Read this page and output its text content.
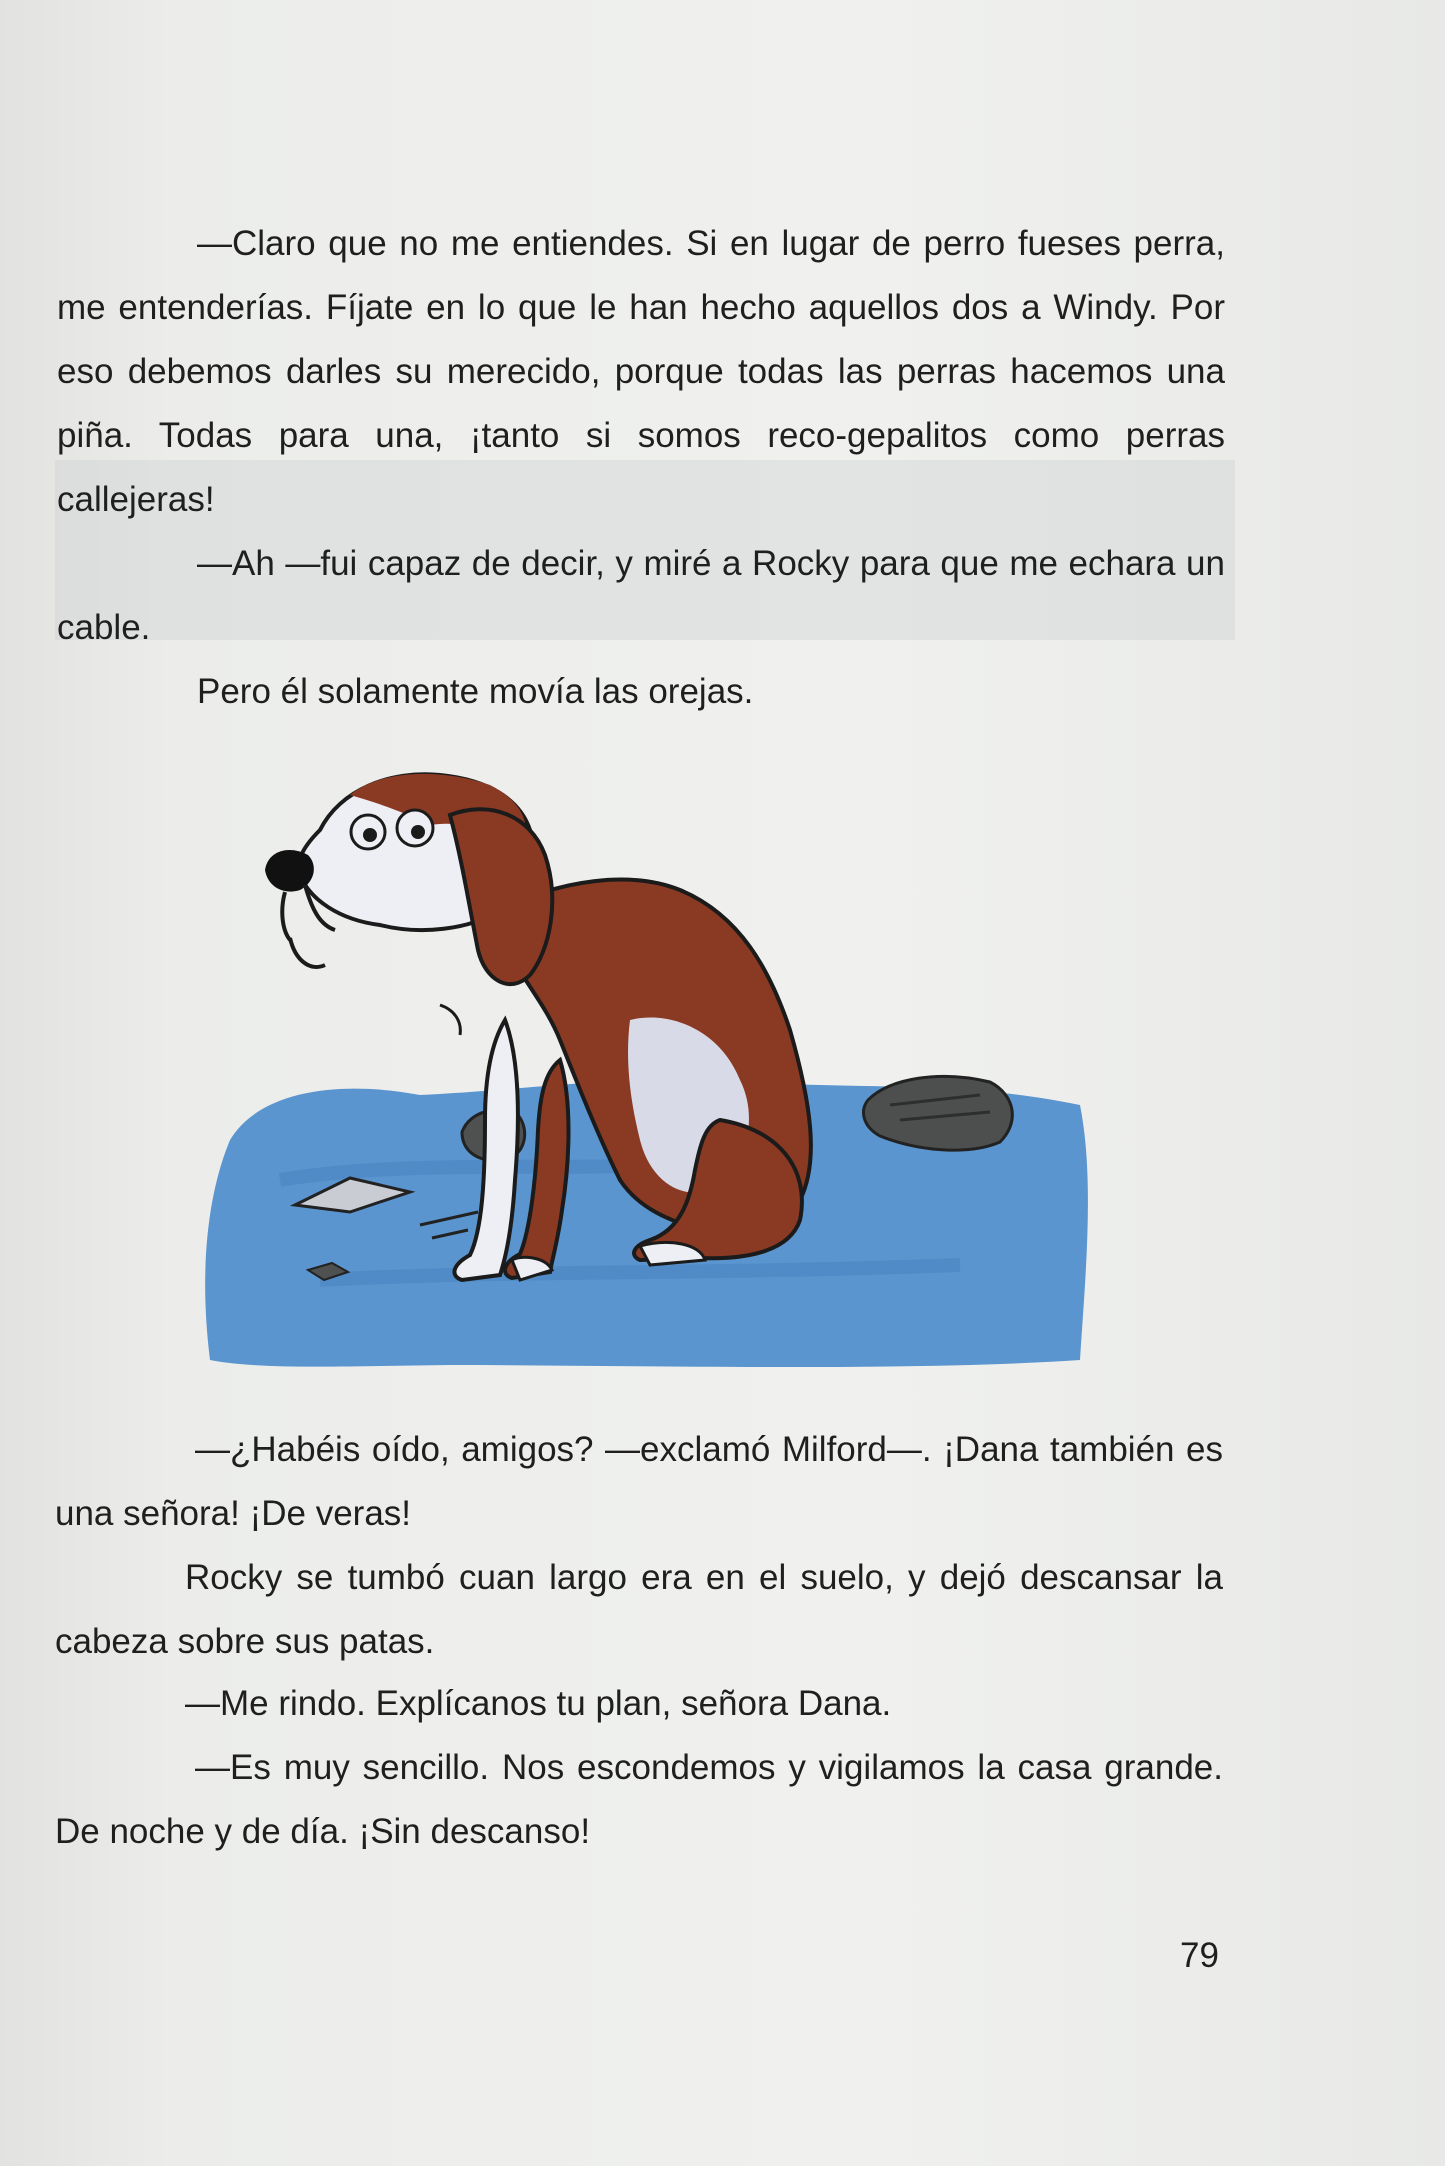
—Claro que no me entiendes. Si en lugar de perro fueses perra, me entenderías. Fíjate en lo que le han hecho aquellos dos a Windy. Por eso debemos darles su merecido, porque todas las perras hacemos una piña. Todas para una, ¡tanto si somos reco-gepalitos como perras callejeras!

—Ah —fui capaz de decir, y miré a Rocky para que me echara un cable.

Pero él solamente movía las orejas.

—¿Habéis oído, amigos? —exclamó Milford—. ¡Dana también es una señora! ¡De veras!

Rocky se tumbó cuan largo era en el suelo, y dejó descansar la cabeza sobre sus patas.

—Me rindo. Explícanos tu plan, señora Dana.

—Es muy sencillo. Nos escondemos y vigilamos la casa grande. De noche y de día. ¡Sin descanso!

79
